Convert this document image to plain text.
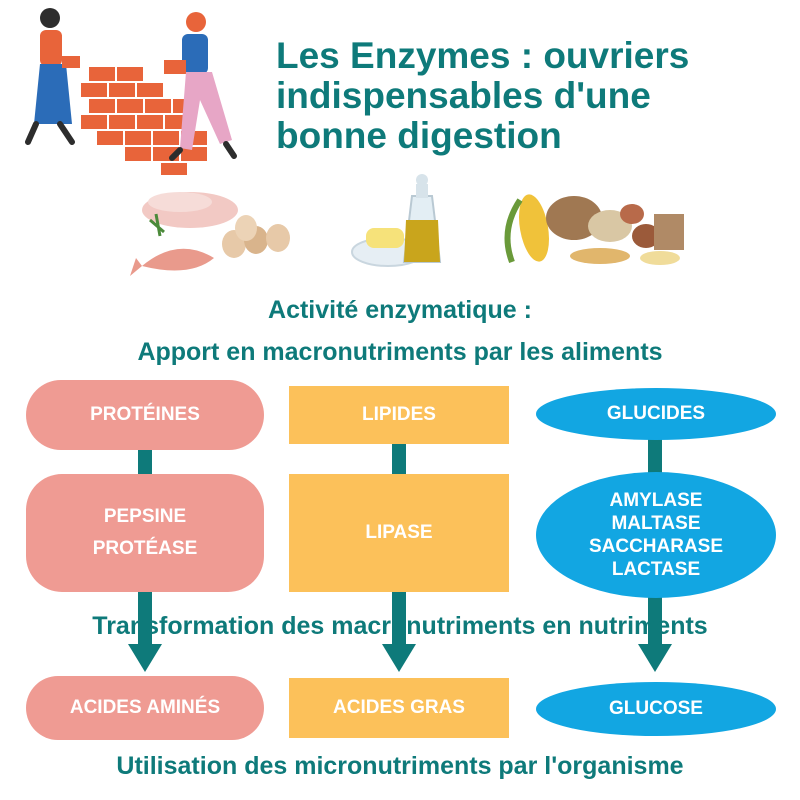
Les Enzymes : ouvriers
indispensables d'une
bonne digestion
Activité enzymatique :
Apport en macronutriments par les aliments
PROTÉINES
PEPSINE
PROTÉASE
ACIDES AMINÉS
LIPIDES
LIPASE
ACIDES GRAS
GLUCIDES
AMYLASE
MALTASE
SACCHARASE
LACTASE
GLUCOSE
Transformation des macronutriments en nutriments
Utilisation des micronutriments par l'organisme
